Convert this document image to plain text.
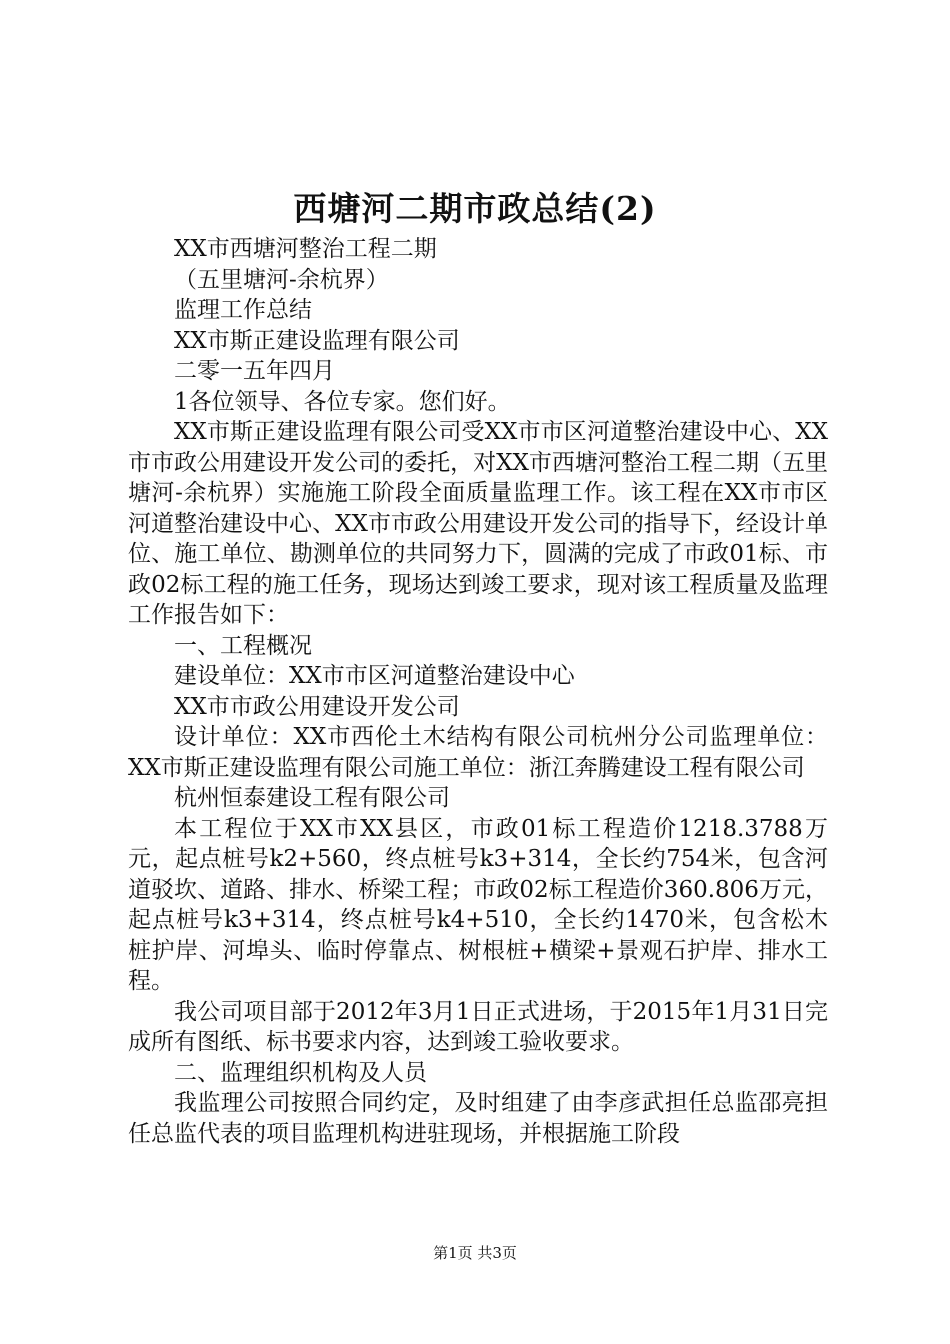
西塘河二期市政总结(2)

XX市西塘河整治工程二期

（五里塘河-余杭界）

监理工作总结

XX市斯正建设监理有限公司

二零一五年四月

1各位领导、各位专家。您们好。

XX市斯正建设监理有限公司受XX市市区河道整治建设中心、XX市市政公用建设开发公司的委托，对XX市西塘河整治工程二期（五里塘河-余杭界）实施施工阶段全面质量监理工作。该工程在XX市市区河道整治建设中心、XX市市政公用建设开发公司的指导下，经设计单位、施工单位、勘测单位的共同努力下，圆满的完成了市政01标、市政02标工程的施工任务，现场达到竣工要求，现对该工程质量及监理工作报告如下：

一、工程概况

建设单位：XX市市区河道整治建设中心

XX市市政公用建设开发公司

设计单位：XX市西伦土木结构有限公司杭州分公司监理单位：XX市斯正建设监理有限公司施工单位：浙江奔腾建设工程有限公司

杭州恒泰建设工程有限公司

本工程位于XX市XX县区，市政01标工程造价1218.3788万元，起点桩号k2+560，终点桩号k3+314，全长约754米，包含河道驳坎、道路、排水、桥梁工程；市政02标工程造价360.806万元，起点桩号k3+314，终点桩号k4+510，全长约1470米，包含松木桩护岸、河埠头、临时停靠点、树根桩+横梁+景观石护岸、排水工程。

我公司项目部于2012年3月1日正式进场，于2015年1月31日完成所有图纸、标书要求内容，达到竣工验收要求。

二、监理组织机构及人员

我监理公司按照合同约定，及时组建了由李彦武担任总监邵亮担任总监代表的项目监理机构进驻现场，并根据施工阶段

第1页 共3页
